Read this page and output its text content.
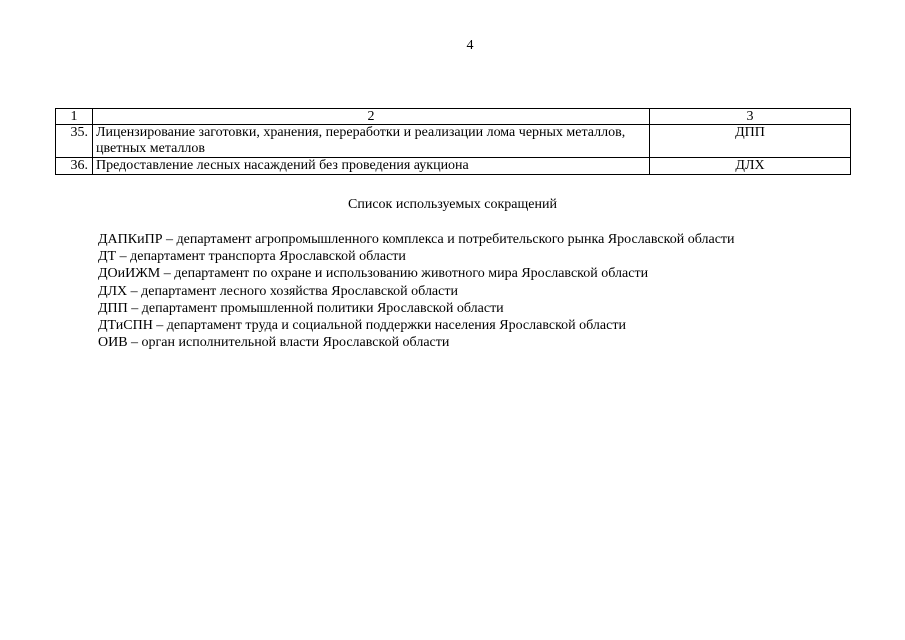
4
1	2	3
35.	Лицензирование заготовки, хранения, переработки и реализации лома черных металлов, цветных металлов	ДПП
36.	Предоставление лесных насаждений без проведения аукциона	ДЛХ
Список используемых сокращений
ДАПКиПР – департамент агропромышленного комплекса и потребительского рынка Ярославской области
ДТ – департамент транспорта Ярославской области
ДОиИЖМ – департамент по охране и использованию животного мира Ярославской области
ДЛХ – департамент лесного хозяйства Ярославской области
ДПП – департамент промышленной политики Ярославской области
ДТиСПН – департамент труда и социальной поддержки населения Ярославской области
ОИВ – орган исполнительной власти Ярославской области
